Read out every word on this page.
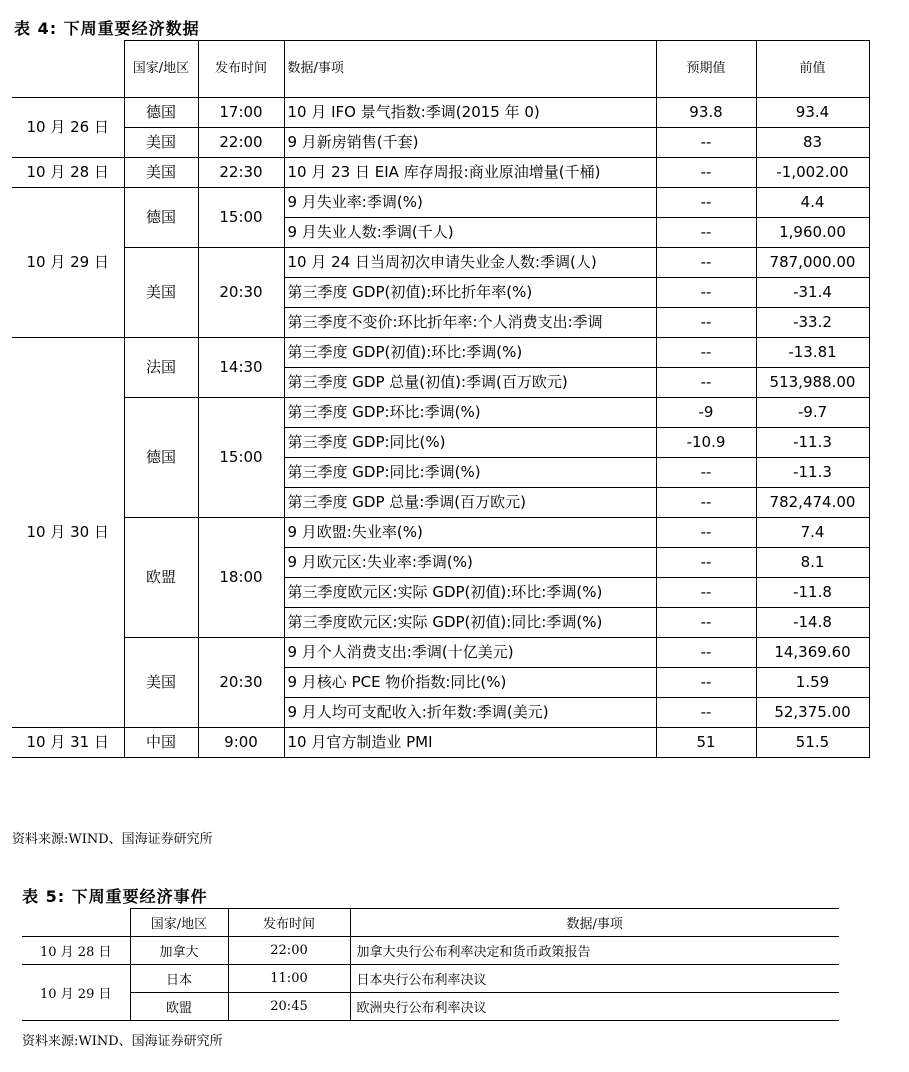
表 4: 下周重要经济数据
	国家/地区	发布时间	数据/事项	预期值	前值
10 月 26 日	德国	17:00	10 月 IFO 景气指数:季调(2015 年 0)	93.8	93.4
	美国	22:00	9 月新房销售(千套)	--	83
10 月 28 日	美国	22:30	10 月 23 日 EIA 库存周报:商业原油增量(千桶)	--	-1,002.00
10 月 29 日	德国	15:00	9 月失业率:季调(%)	--	4.4
			9 月失业人数:季调(千人)	--	1,960.00
	美国	20:30	10 月 24 日当周初次申请失业金人数:季调(人)	--	787,000.00
			第三季度 GDP(初值):环比折年率(%)	--	-31.4
			第三季度不变价:环比折年率:个人消费支出:季调	--	-33.2
10 月 30 日	法国	14:30	第三季度 GDP(初值):环比:季调(%)	--	-13.81
			第三季度 GDP 总量(初值):季调(百万欧元)	--	513,988.00
	德国	15:00	第三季度 GDP:环比:季调(%)	-9	-9.7
			第三季度 GDP:同比(%)	-10.9	-11.3
			第三季度 GDP:同比:季调(%)	--	-11.3
			第三季度 GDP 总量:季调(百万欧元)	--	782,474.00
	欧盟	18:00	9 月欧盟:失业率(%)	--	7.4
			9 月欧元区:失业率:季调(%)	--	8.1
			第三季度欧元区:实际 GDP(初值):环比:季调(%)	--	-11.8
			第三季度欧元区:实际 GDP(初值):同比:季调(%)	--	-14.8
	美国	20:30	9 月个人消费支出:季调(十亿美元)	--	14,369.60
			9 月核心 PCE 物价指数:同比(%)	--	1.59
			9 月人均可支配收入:折年数:季调(美元)	--	52,375.00
10 月 31 日	中国	9:00	10 月官方制造业 PMI	51	51.5
资料来源:WIND、国海证券研究所
表 5: 下周重要经济事件
	国家/地区	发布时间	数据/事项
10 月 28 日	加拿大	22:00	加拿大央行公布利率决定和货币政策报告
10 月 29 日	日本	11:00	日本央行公布利率决议
	欧盟	20:45	欧洲央行公布利率决议
资料来源:WIND、国海证券研究所
